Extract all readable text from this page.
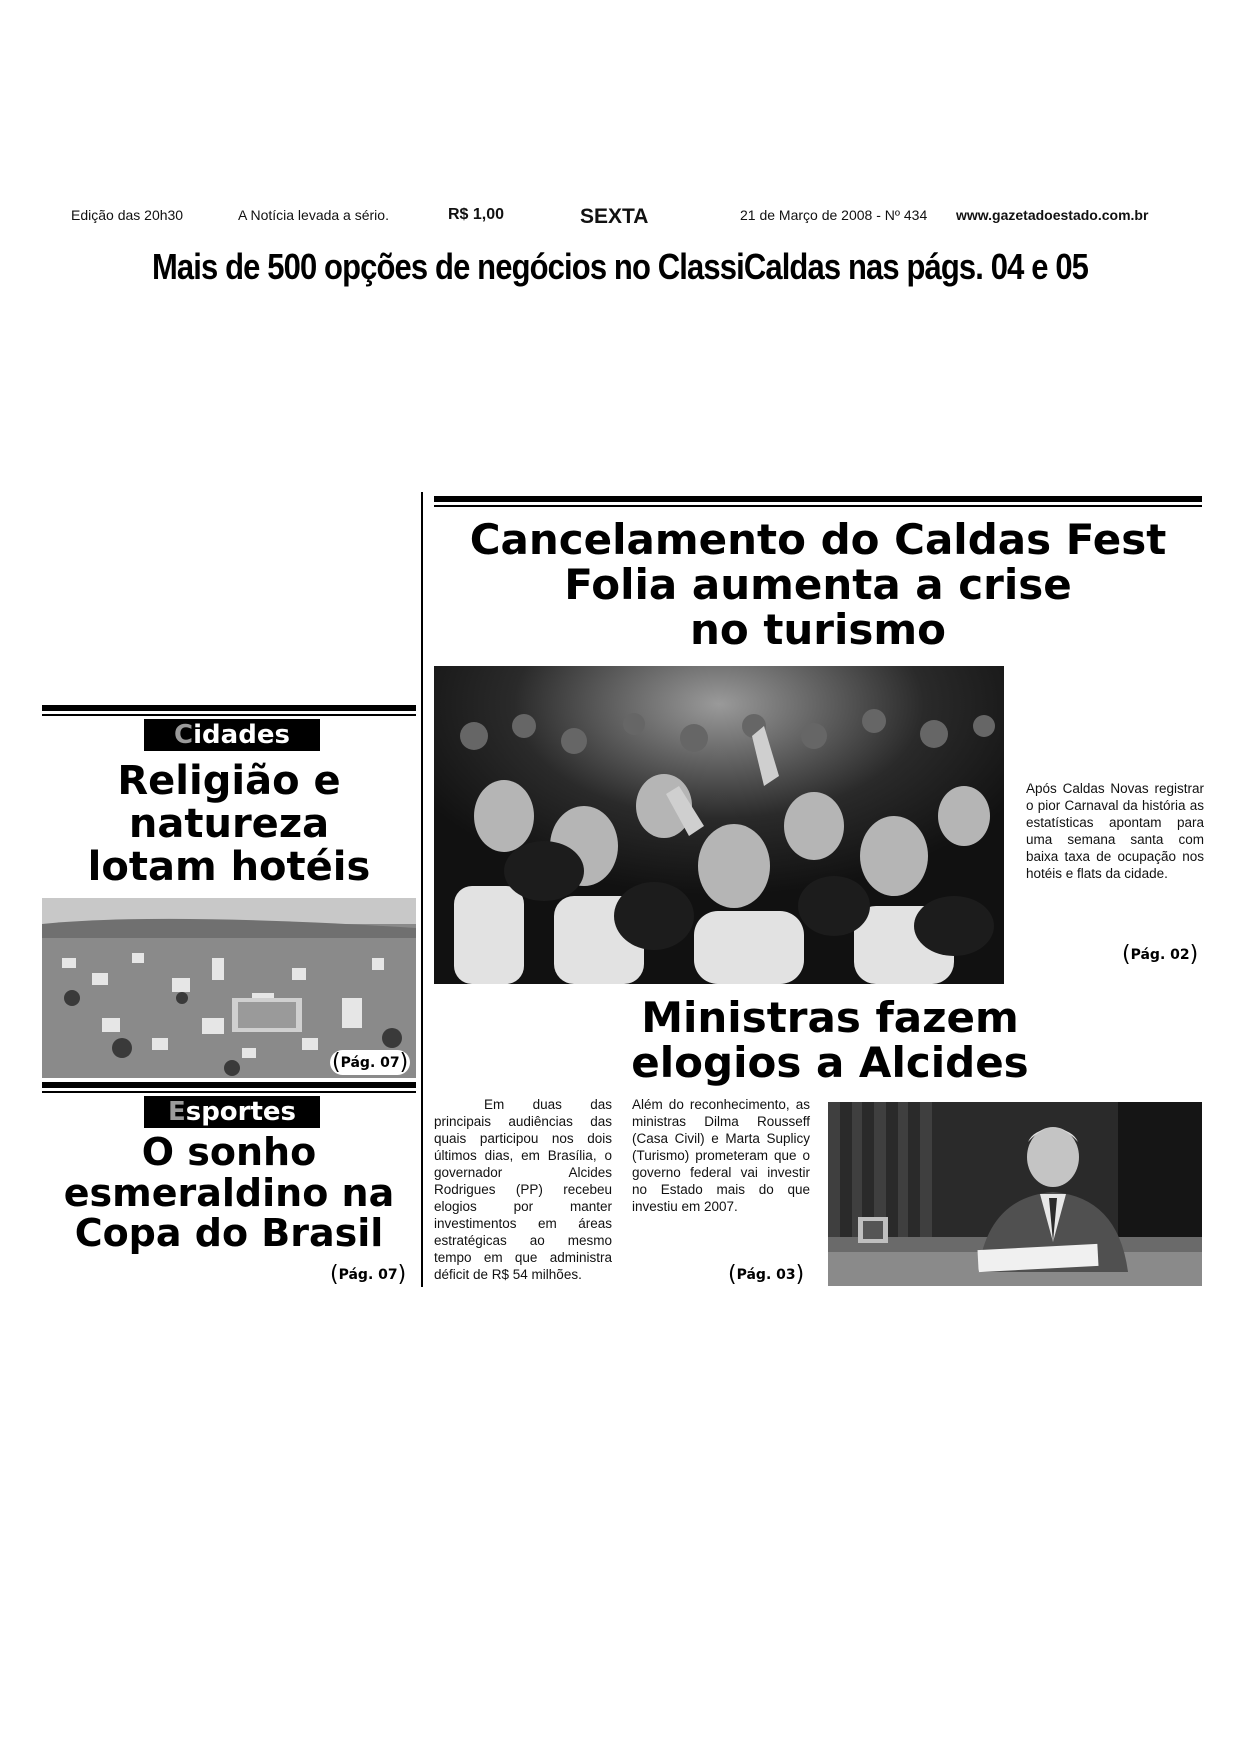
Edição das 20h30	A Notícia levada a sério.	R$ 1,00	SEXTA	21 de Março de 2008 - Nº 434 www.gazetadoestado.com.br
Mais de 500 opções de negócios no ClassiCaldas nas págs. 04 e 05
Cancelamento do Caldas Fest
Folia aumenta a crise
no turismo
Após Caldas Novas registrar o pior Carnaval da história as estatísticas apontam para uma semana santa com baixa taxa de ocupação nos hotéis e flats da cidade.
(Pág. 02)
Cidades
Religião e
natureza
lotam hotéis
(Pág. 07)
Esportes
O sonho
esmeraldino na
Copa do Brasil
(Pág. 07)
Ministras fazem
elogios a Alcides
Em duas das principais audiências das quais participou nos dois últimos dias, em Brasília, o governador Alcides Rodrigues (PP) recebeu elogios por manter investimentos em áreas estratégicas ao mesmo tempo em que administra déficit de R$ 54 milhões.
Além do reconhecimento, as ministras Dilma Rousseff (Casa Civil) e Marta Suplicy (Turismo) prometeram que o governo federal vai investir no Estado mais do que investiu em 2007.
(Pág. 03)
